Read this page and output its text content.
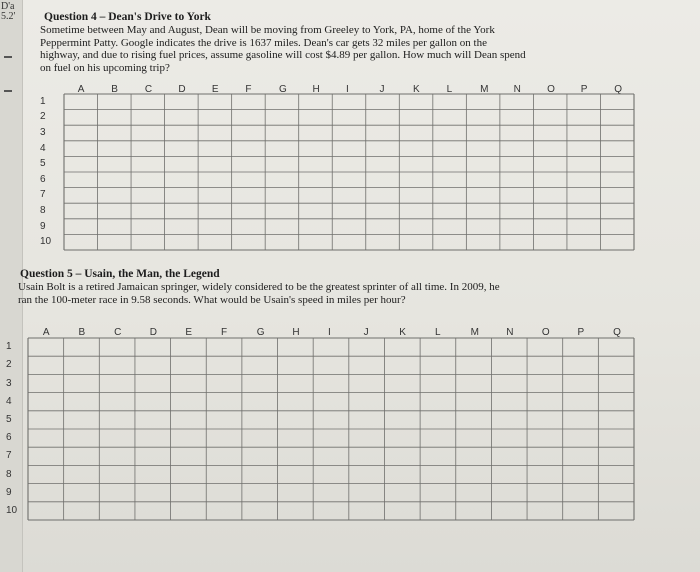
D'a
5.2' Question 4 – Dean's Drive to York
Sometime between May and August, Dean will be moving from Greeley to York, PA, home of the York
Peppermint Patty. Google indicates the drive is 1637 miles. Dean's car gets 32 miles per gallon on the
highway, and due to rising fuel prices, assume gasoline will cost $4.89 per gallon. How much will Dean spend
on fuel on his upcoming trip?
A	B	C	D	E	F	G	H	I	J	K	L	M	N	O	P	Q
1
2
3
4
5
6
7
8
9
10
Question 5 – Usain, the Man, the Legend
Usain Bolt is a retired Jamaican springer, widely considered to be the greatest sprinter of all time. In 2009, he
ran the 100-meter race in 9.58 seconds. What would be Usain's speed in miles per hour?
A	B	C	D	E	F	G	H	I	J	K	L	M	N	O	P	Q
1
2
3
4
5
6
7
8
9
10
